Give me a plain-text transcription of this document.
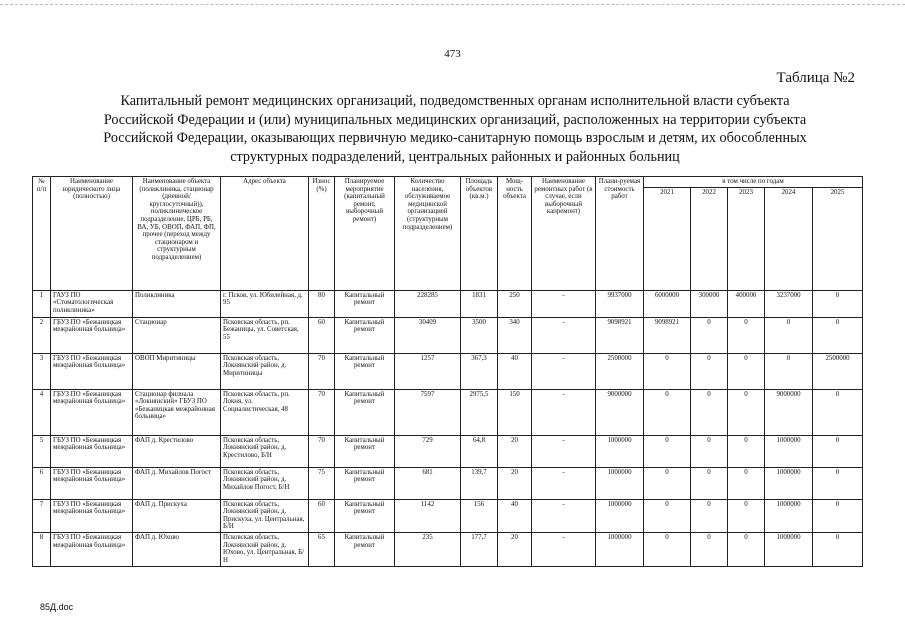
473
Таблица №2
Капитальный ремонт медицинских организаций, подведомственных органам исполнительной власти субъекта
Российской Федерации и (или) муниципальных медицинских организаций, расположенных на территории субъекта
Российской Федерации, оказывающих первичную медико-санитарную помощь взрослым и детям, их обособленных
структурных подразделений, центральных районных и районных больниц
№ п/п	Наименование юридического лица (полностью)	Наименование объекта (поликлиника, стационар (дневной/ круглосуточный)), поликлиническое подразделение, ЦРБ, РБ, ВА, УБ, ОВОП, ФАП, ФП, прочее (переход между стационаром и структурным подразделением)	Адрес объекта	Износ (%)	Планируемое мероприятие (капитальный ремонт, выборочный ремонт)	Количество населения, обслуживаемое медицинской организацией (структурным подразделением)	Площадь объектов (кв.м.)	Мощ-ность объекта	Наименование ремонтных работ (в случае, если выборочный капремонт)	Плани-руемая стоимость работ	в том числе по годам				
											2021	2022	2023	2024	2025
1	ГАУЗ ПО «Стоматологическая поликлиника»	Поликлиника	г. Псков, ул. Юбилейная, д. 95	80	Капитальный ремонт	228285	1831	250	-	9937000	6000000	300000	400000	3237000	0
2	ГБУЗ ПО «Бежаницкая межрайонная больница»	Стационар	Псковская область, рп. Бежаницы, ул. Советская, 55	60	Капитальный ремонт	30409	3500	340	-	9098921	9098921	0	0	0	0
3	ГБУЗ ПО «Бежаницкая межрайонная больница»	ОВОП Миритиницы	Псковская область, Локнянский район, д. Миритиницы	70	Капитальный ремонт	1257	367,3	40	-	2500000	0	0	0	0	2500000
4	ГБУЗ ПО «Бежаницкая межрайонная больница»	Стационар филиала «Локнянский» ГБУЗ ПО «Бежаницкая межрайонная больница»	Псковская область, рп. Локня, ул. Социалистическая, 48	70	Капитальный ремонт	7597	2975,5	150	-	9000000	0	0	0	9000000	0
5	ГБУЗ ПО «Бежаницкая межрайонная больница»	ФАП д. Крестилово	Псковская область, Локнянский район, д. Крестилово, Б/Н	70	Капитальный ремонт	729	64,8	20	-	1000000	0	0	0	1000000	0
6	ГБУЗ ПО «Бежаницкая межрайонная больница»	ФАП д. Михайлов Погост	Псковская область, Локнянский район, д. Михайлов Погост, Б/Н	75	Капитальный ремонт	681	139,7	20	-	1000000	0	0	0	1000000	0
7	ГБУЗ ПО «Бежаницкая межрайонная больница»	ФАП д. Прискуха	Псковская область, Локнянский район, д. Прискуха, ул. Центральная, Б/Н	60	Капитальный ремонт	1142	156	40	-	1000000	0	0	0	1000000	0
8	ГБУЗ ПО «Бежаницкая межрайонная больница»	ФАП д. Юхово	Псковская область, Локнянский район, д. Юхово, ул. Центральная, Б/Н	65	Капитальный ремонт	235	177,7	20	-	1000000	0	0	0	1000000	0
85Д.doc
